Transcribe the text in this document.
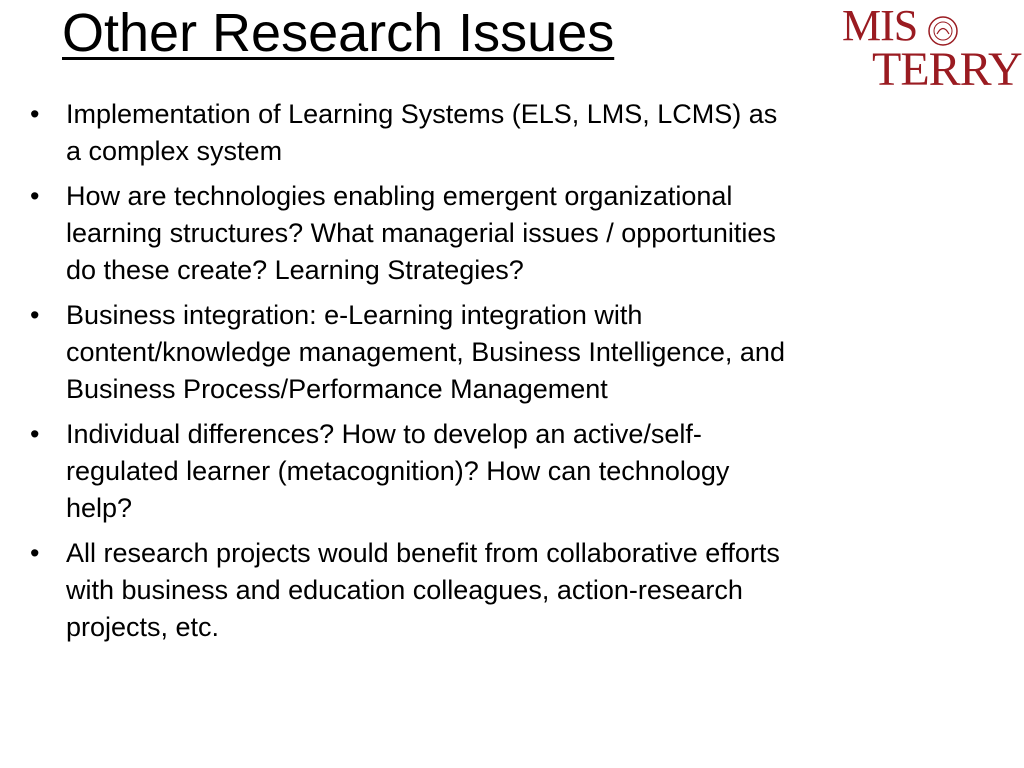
Other Research Issues	MIS
TERRY
• Implementation of Learning Systems (ELS, LMS, LCMS) as
a complex system
• How are technologies enabling emergent organizational
learning structures? What managerial issues / opportunities
do these create? Learning Strategies?
• Business integration: e-Learning integration with
content/knowledge management, Business Intelligence, and
Business Process/Performance Management
• Individual differences? How to develop an active/self-
regulated learner (metacognition)? How can technology
help?
• All research projects would benefit from collaborative efforts
with business and education colleagues, action-research
projects, etc.
